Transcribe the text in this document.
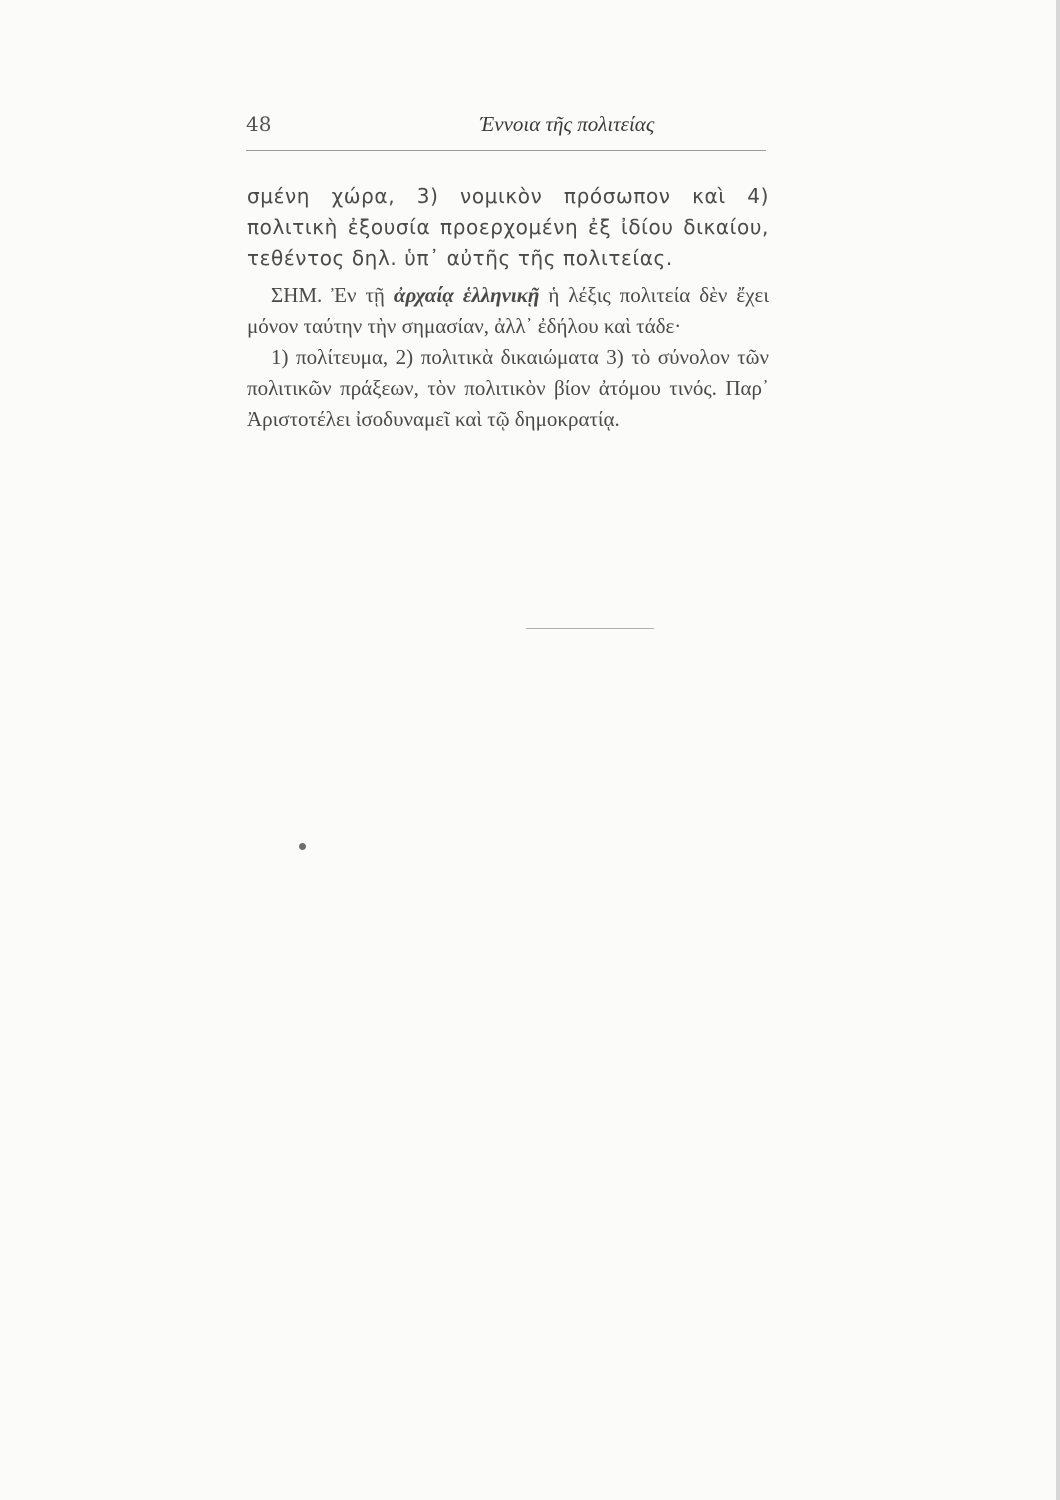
48	Έννοια τῆς πολιτείας

σμένη χώρα, 3) νομικὸν πρόσωπον καὶ 4) πολιτικὴ ἐξουσία προερχομένη ἐξ ἰδίου δικαίου, τεθέντος δηλ. ὑπ᾽ αὐτῆς τῆς πολιτείας.

ΣΗΜ. Ἐν τῇ ἀρχαίᾳ ἑλληνικῇ ἡ λέξις πολιτεία δὲν ἔχει μόνον ταύτην τὴν σημασίαν, ἀλλ᾽ ἐδήλου καὶ τάδε·

1) πολίτευμα, 2) πολιτικὰ δικαιώματα 3) τὸ σύνολον τῶν πολιτικῶν πράξεων, τὸν πολιτικὸν βίον ἀτόμου τινός. Παρ᾽ Ἀριστοτέλει ἰσοδυναμεῖ καὶ τῷ δημοκρατίᾳ.
